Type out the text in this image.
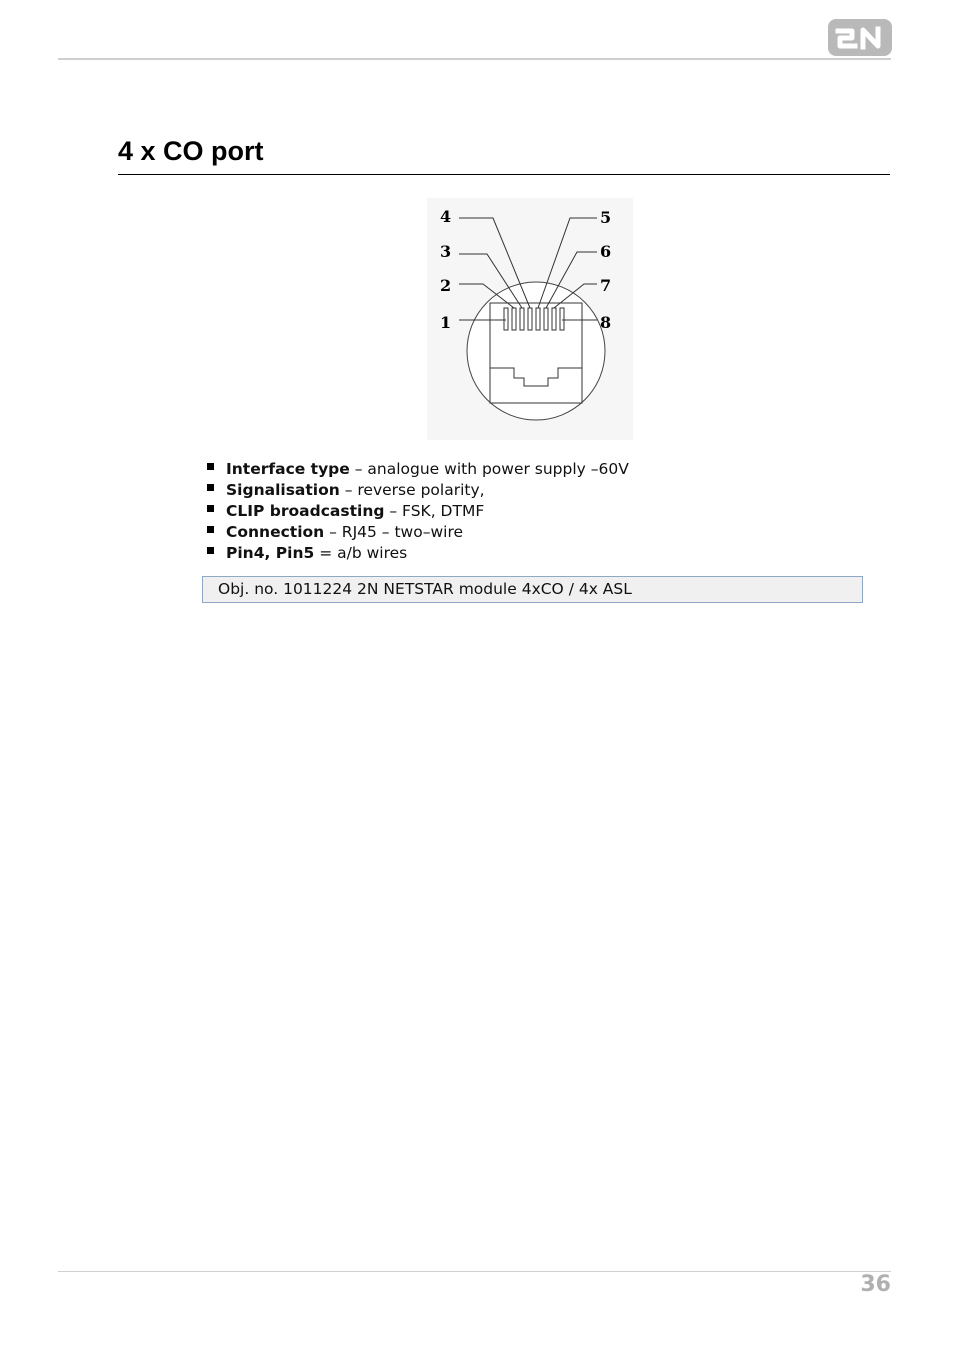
4 x CO port
4
3
2
1
5
6
7
8
Interface type – analogue with power supply –60V
Signalisation – reverse polarity,
CLIP broadcasting – FSK, DTMF
Connection – RJ45 – two–wire
Pin4, Pin5 = a/b wires
Obj. no. 1011224 2N NETSTAR module 4xCO / 4x ASL
36
